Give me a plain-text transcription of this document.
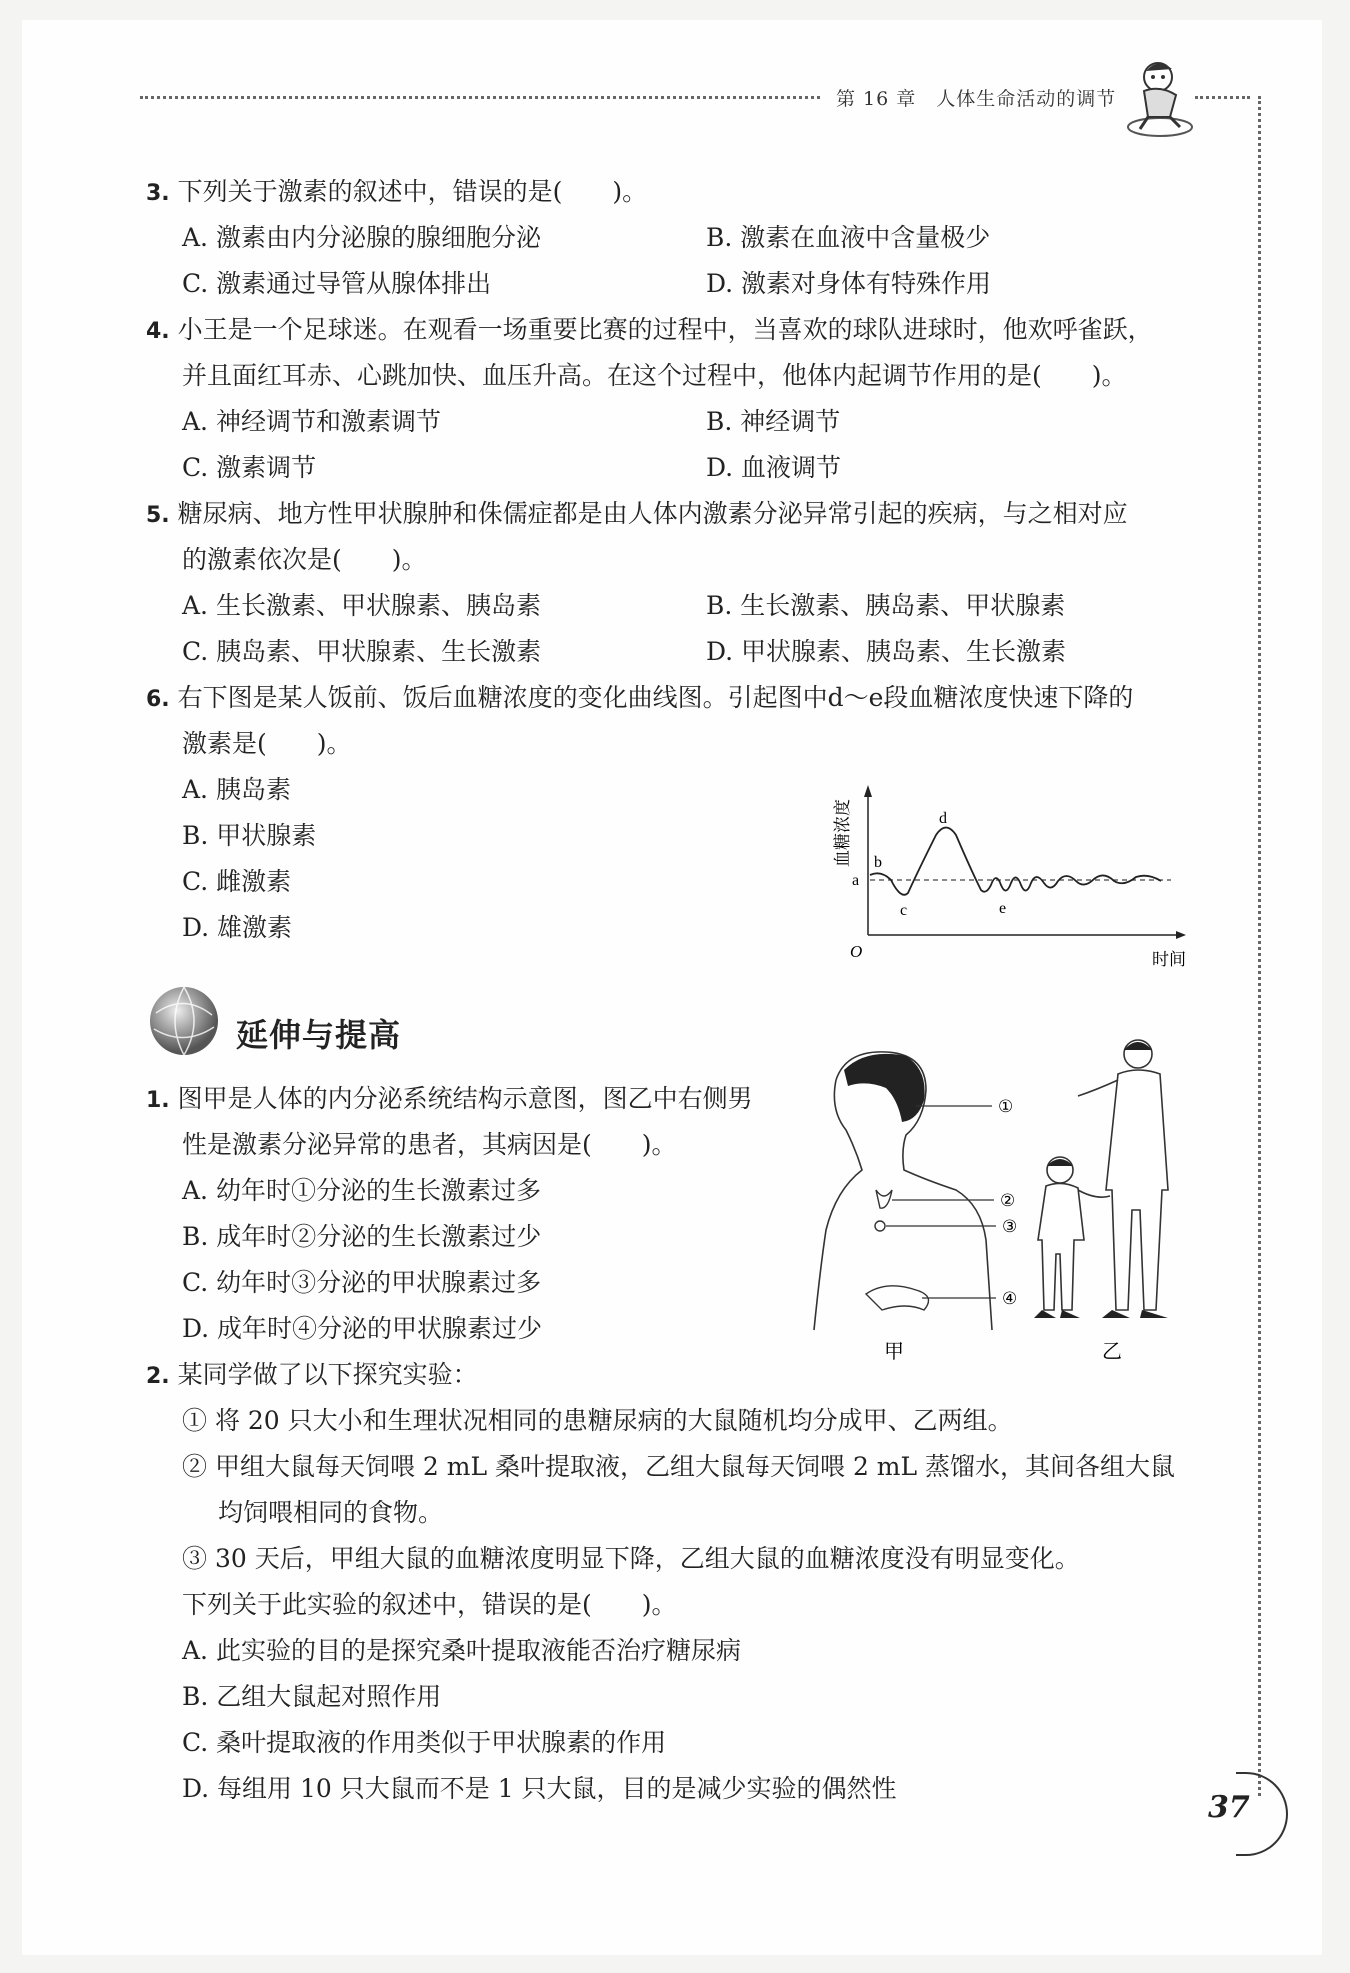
第 16 章　 人体生命活动的调节
3. 下列关于激素的叙述中，错误的是(　　)。
A. 激素由内分泌腺的腺细胞分泌	B. 激素在血液中含量极少
C. 激素通过导管从腺体排出	D. 激素对身体有特殊作用
4. 小王是一个足球迷。在观看一场重要比赛的过程中，当喜欢的球队进球时，他欢呼雀跃，
并且面红耳赤、心跳加快、血压升高。在这个过程中，他体内起调节作用的是(　　)。
A. 神经调节和激素调节	B. 神经调节
C. 激素调节	D. 血液调节
5. 糖尿病、地方性甲状腺肿和侏儒症都是由人体内激素分泌异常引起的疾病，与之相对应
的激素依次是(　　)。
A. 生长激素、甲状腺素、胰岛素	B. 生长激素、胰岛素、甲状腺素
C. 胰岛素、甲状腺素、生长激素	D. 甲状腺素、胰岛素、生长激素
6. 右下图是某人饭前、饭后血糖浓度的变化曲线图。引起图中d～e段血糖浓度快速下降的
激素是(　　)。
A. 胰岛素
B. 甲状腺素
C. 雌激素
D. 雄激素
a
b
c
d
e
O	时间
血糖浓度
延伸与提高
1. 图甲是人体的内分泌系统结构示意图，图乙中右侧男
性是激素分泌异常的患者，其病因是(　　)。
A. 幼年时①分泌的生长激素过多
B. 成年时②分泌的生长激素过少
C. 幼年时③分泌的甲状腺素过多
D. 成年时④分泌的甲状腺素过少
①
②
③
④
甲	乙
2. 某同学做了以下探究实验：
① 将 20 只大小和生理状况相同的患糖尿病的大鼠随机均分成甲、乙两组。
② 甲组大鼠每天饲喂 2 mL 桑叶提取液，乙组大鼠每天饲喂 2 mL 蒸馏水，其间各组大鼠
均饲喂相同的食物。
③ 30 天后，甲组大鼠的血糖浓度明显下降，乙组大鼠的血糖浓度没有明显变化。
下列关于此实验的叙述中，错误的是(　　)。
A. 此实验的目的是探究桑叶提取液能否治疗糖尿病
B. 乙组大鼠起对照作用
C. 桑叶提取液的作用类似于甲状腺素的作用
D. 每组用 10 只大鼠而不是 1 只大鼠，目的是减少实验的偶然性
37
